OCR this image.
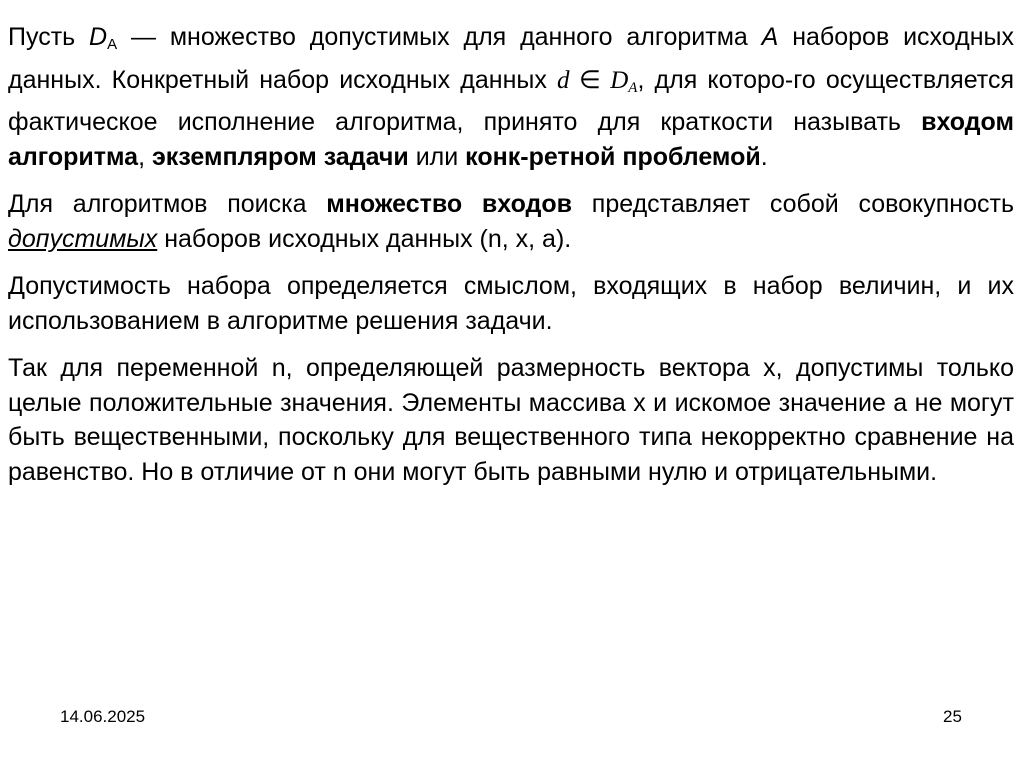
Пусть $D_A$ — множество допустимых для данного алгоритма A наборов исходных данных. Конкретный набор исходных данных d ∈ DA, для которо-го осуществляется фактическое исполнение алгоритма, принято для краткости называть входом алгоритма, экземпляром задачи или конк-ретной проблемой.

Для алгоритмов поиска множество входов представляет собой совокупность допустимых наборов исходных данных (n, x, a).

Допустимость набора определяется смыслом, входящих в набор величин, и их использованием в алгоритме решения задачи.

Так для переменной n, определяющей размерность вектора x, допустимы только целые положительные значения. Элементы массива x и искомое значение a не могут быть вещественными, поскольку для вещественного типа некорректно сравнение на равенство. Но в отличие от n они могут быть равными нулю и отрицательными.

14.06.2025	25
